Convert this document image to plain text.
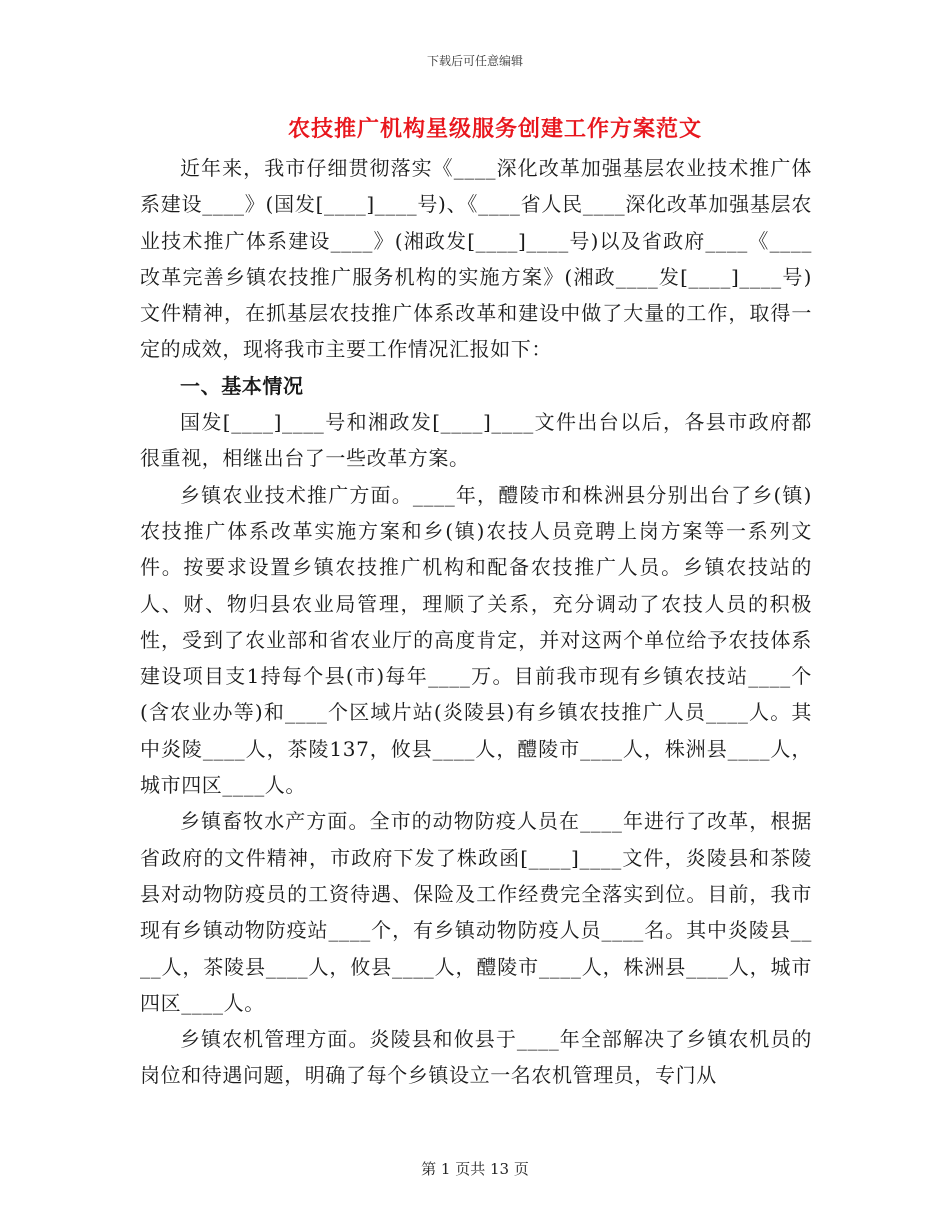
下载后可任意编辑
农技推广机构星级服务创建工作方案范文

近年来，我市仔细贯彻落实《____深化改革加强基层农业技术推广体系建设____》(国发[____]____号)、《____省人民____深化改革加强基层农业技术推广体系建设____》(湘政发[____]____号)以及省政府____《____改革完善乡镇农技推广服务机构的实施方案》(湘政____发[____]____号)文件精神，在抓基层农技推广体系改革和建设中做了大量的工作，取得一定的成效，现将我市主要工作情况汇报如下：

一、基本情况

国发[____]____号和湘政发[____]____文件出台以后，各县市政府都很重视，相继出台了一些改革方案。

乡镇农业技术推广方面。____年，醴陵市和株洲县分别出台了乡(镇)农技推广体系改革实施方案和乡(镇)农技人员竞聘上岗方案等一系列文件。按要求设置乡镇农技推广机构和配备农技推广人员。乡镇农技站的人、财、物归县农业局管理，理顺了关系，充分调动了农技人员的积极性，受到了农业部和省农业厅的高度肯定，并对这两个单位给予农技体系建设项目支1持每个县(市)每年____万。目前我市现有乡镇农技站____个(含农业办等)和____个区域片站(炎陵县)有乡镇农技推广人员____人。其中炎陵____人，茶陵137，攸县____人，醴陵市____人，株洲县____人，城市四区____人。

乡镇畜牧水产方面。全市的动物防疫人员在____年进行了改革，根据省政府的文件精神，市政府下发了株政函[____]____文件，炎陵县和茶陵县对动物防疫员的工资待遇、保险及工作经费完全落实到位。目前，我市现有乡镇动物防疫站____个，有乡镇动物防疫人员____名。其中炎陵县____人，茶陵县____人，攸县____人，醴陵市____人，株洲县____人，城市四区____人。

乡镇农机管理方面。炎陵县和攸县于____年全部解决了乡镇农机员的岗位和待遇问题，明确了每个乡镇设立一名农机管理员，专门从

第 1 页共 13 页
